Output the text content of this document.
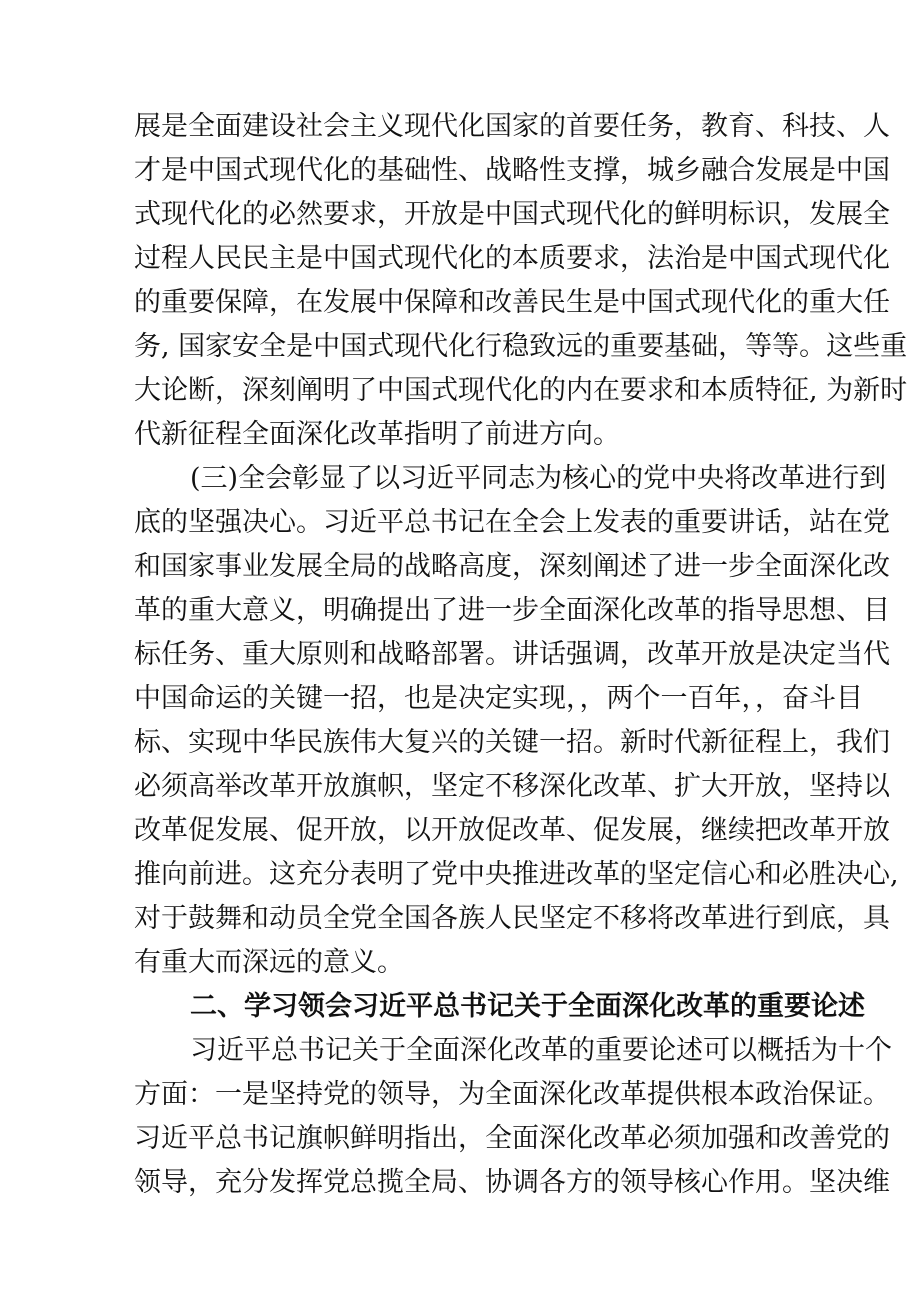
展是全面建设社会主义现代化国家的首要任务，教育、科技、人
才是中国式现代化的基础性、战略性支撑，城乡融合发展是中国
式现代化的必然要求，开放是中国式现代化的鲜明标识，发展全
过程人民民主是中国式现代化的本质要求，法治是中国式现代化
的重要保障，在发展中保障和改善民生是中国式现代化的重大任
务, 国家安全是中国式现代化行稳致远的重要基础，等等。这些重
大论断，深刻阐明了中国式现代化的内在要求和本质特征, 为新时
代新征程全面深化改革指明了前进方向。
(三)全会彰显了以习近平同志为核心的党中央将改革进行到
底的坚强决心。习近平总书记在全会上发表的重要讲话，站在党
和国家事业发展全局的战略高度，深刻阐述了进一步全面深化改
革的重大意义，明确提出了进一步全面深化改革的指导思想、目
标任务、重大原则和战略部署。讲话强调，改革开放是决定当代
中国命运的关键一招，也是决定实现，，两个一百年，，奋斗目
标、实现中华民族伟大复兴的关键一招。新时代新征程上，我们
必须高举改革开放旗帜，坚定不移深化改革、扩大开放，坚持以
改革促发展、促开放，以开放促改革、促发展，继续把改革开放
推向前进。这充分表明了党中央推进改革的坚定信心和必胜决心,
对于鼓舞和动员全党全国各族人民坚定不移将改革进行到底，具
有重大而深远的意义。
二、学习领会习近平总书记关于全面深化改革的重要论述
习近平总书记关于全面深化改革的重要论述可以概括为十个
方面：一是坚持党的领导，为全面深化改革提供根本政治保证。
习近平总书记旗帜鲜明指出，全面深化改革必须加强和改善党的
领导，充分发挥党总揽全局、协调各方的领导核心作用。坚决维
